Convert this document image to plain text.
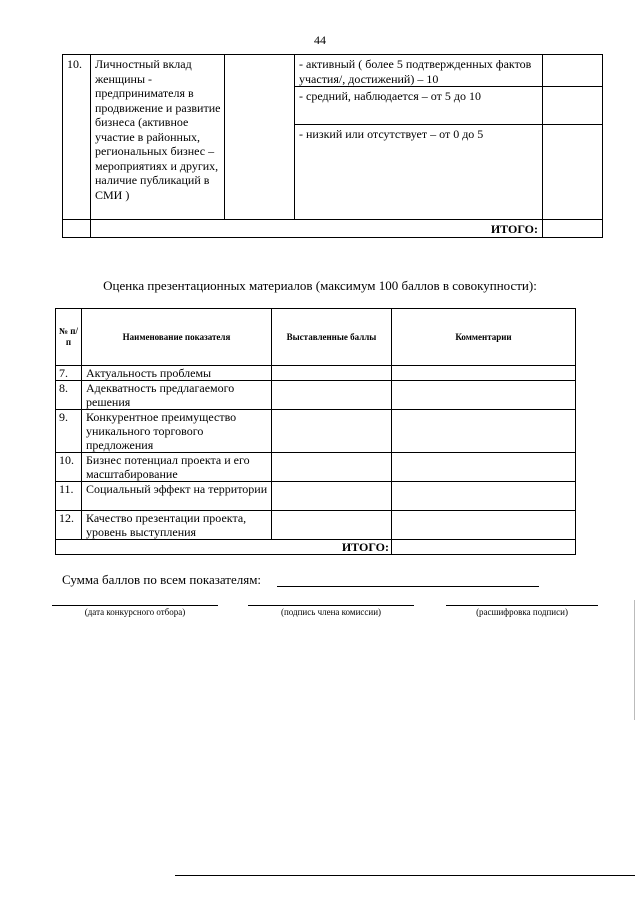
44
10.	Личностный вклад женщины - предпринимателя в продвижение и развитие бизнеса (активное участие в районных, региональных бизнес – мероприятиях и других, наличие публикаций в СМИ )		- активный ( более 5 подтвержденных фактов участия/, достижений) – 10	
			- средний, наблюдается – от 5 до 10	
			- низкий или отсутствует – от 0 до 5	
	ИТОГО:			
Оценка презентационных материалов (максимум 100 баллов в совокупности):
№ п/п	Наименование показателя	Выставленные баллы	Комментарии
7.	Актуальность проблемы		
8.	Адекватность предлагаемого решения		
9.	Конкурентное преимущество уникального торгового предложения		
10.	Бизнес потенциал проекта и его масштабирование		
11.	Социальный эффект на территории		
12.	Качество презентации проекта, уровень выступления		
ИТОГО:			
Сумма баллов по всем показателям:
(дата конкурсного отбора)	(подпись члена комиссии)	(расшифровка подписи)
